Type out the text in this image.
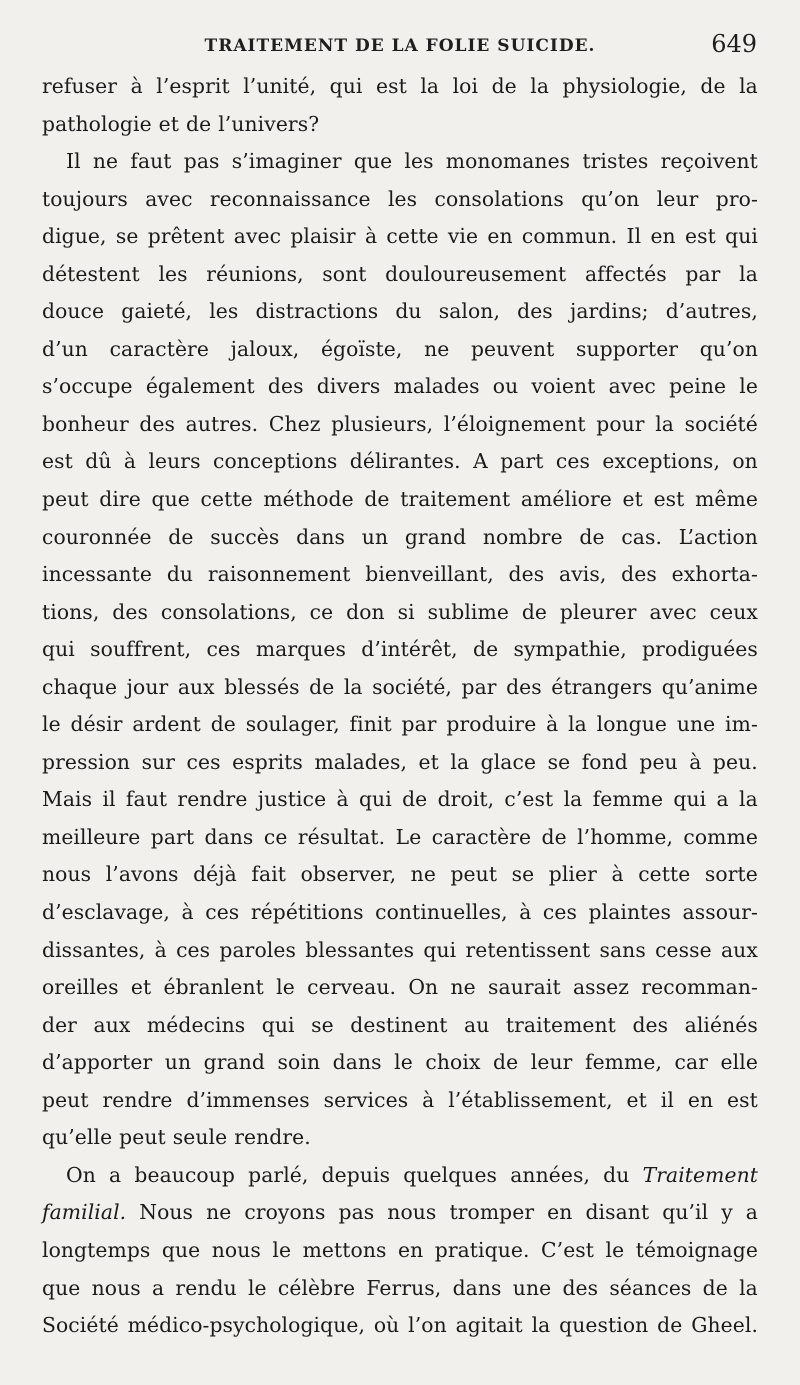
TRAITEMENT DE LA FOLIE SUICIDE.	649
refuser à l’esprit l’unité, qui est la loi de la physiologie, de la
pathologie et de l’univers?
Il ne faut pas s’imaginer que les monomanes tristes reçoivent
toujours avec reconnaissance les consolations qu’on leur pro-
digue, se prêtent avec plaisir à cette vie en commun. Il en est qui
détestent les réunions, sont douloureusement affectés par la
douce gaieté, les distractions du salon, des jardins; d’autres,
d’un caractère jaloux, égoïste, ne peuvent supporter qu’on
s’occupe également des divers malades ou voient avec peine le
bonheur des autres. Chez plusieurs, l’éloignement pour la société
est dû à leurs conceptions délirantes. A part ces exceptions, on
peut dire que cette méthode de traitement améliore et est même
couronnée de succès dans un grand nombre de cas. L’action
incessante du raisonnement bienveillant, des avis, des exhorta-
tions, des consolations, ce don si sublime de pleurer avec ceux
qui souffrent, ces marques d’intérêt, de sympathie, prodiguées
chaque jour aux blessés de la société, par des étrangers qu’anime
le désir ardent de soulager, finit par produire à la longue une im-
pression sur ces esprits malades, et la glace se fond peu à peu.
Mais il faut rendre justice à qui de droit, c’est la femme qui a la
meilleure part dans ce résultat. Le caractère de l’homme, comme
nous l’avons déjà fait observer, ne peut se plier à cette sorte
d’esclavage, à ces répétitions continuelles, à ces plaintes assour-
dissantes, à ces paroles blessantes qui retentissent sans cesse aux
oreilles et ébranlent le cerveau. On ne saurait assez recomman-
der aux médecins qui se destinent au traitement des aliénés
d’apporter un grand soin dans le choix de leur femme, car elle
peut rendre d’immenses services à l’établissement, et il en est
qu’elle peut seule rendre.
On a beaucoup parlé, depuis quelques années, du Traitement
familial. Nous ne croyons pas nous tromper en disant qu’il y a
longtemps que nous le mettons en pratique. C’est le témoignage
que nous a rendu le célèbre Ferrus, dans une des séances de la
Société médico-psychologique, où l’on agitait la question de Gheel.
